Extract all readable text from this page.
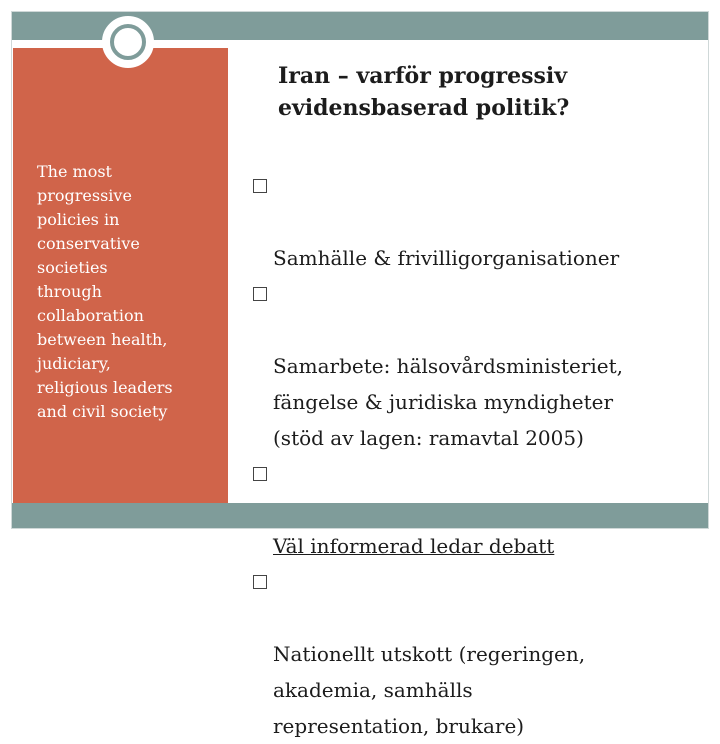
The most
progressive
policies in
conservative
societies
through
collaboration
between health,
judiciary,
religious leaders
and civil society
Iran – varför progressiv
evidensbaserad politik?

Samhälle & frivilligorganisationer

Samarbete: hälsovårdsministeriet,
fängelse & juridiska myndigheter
(stöd av lagen: ramavtal 2005)

Väl informerad ledar debatt

Nationellt utskott (regeringen,
akademia, samhälls
representation, brukare)
